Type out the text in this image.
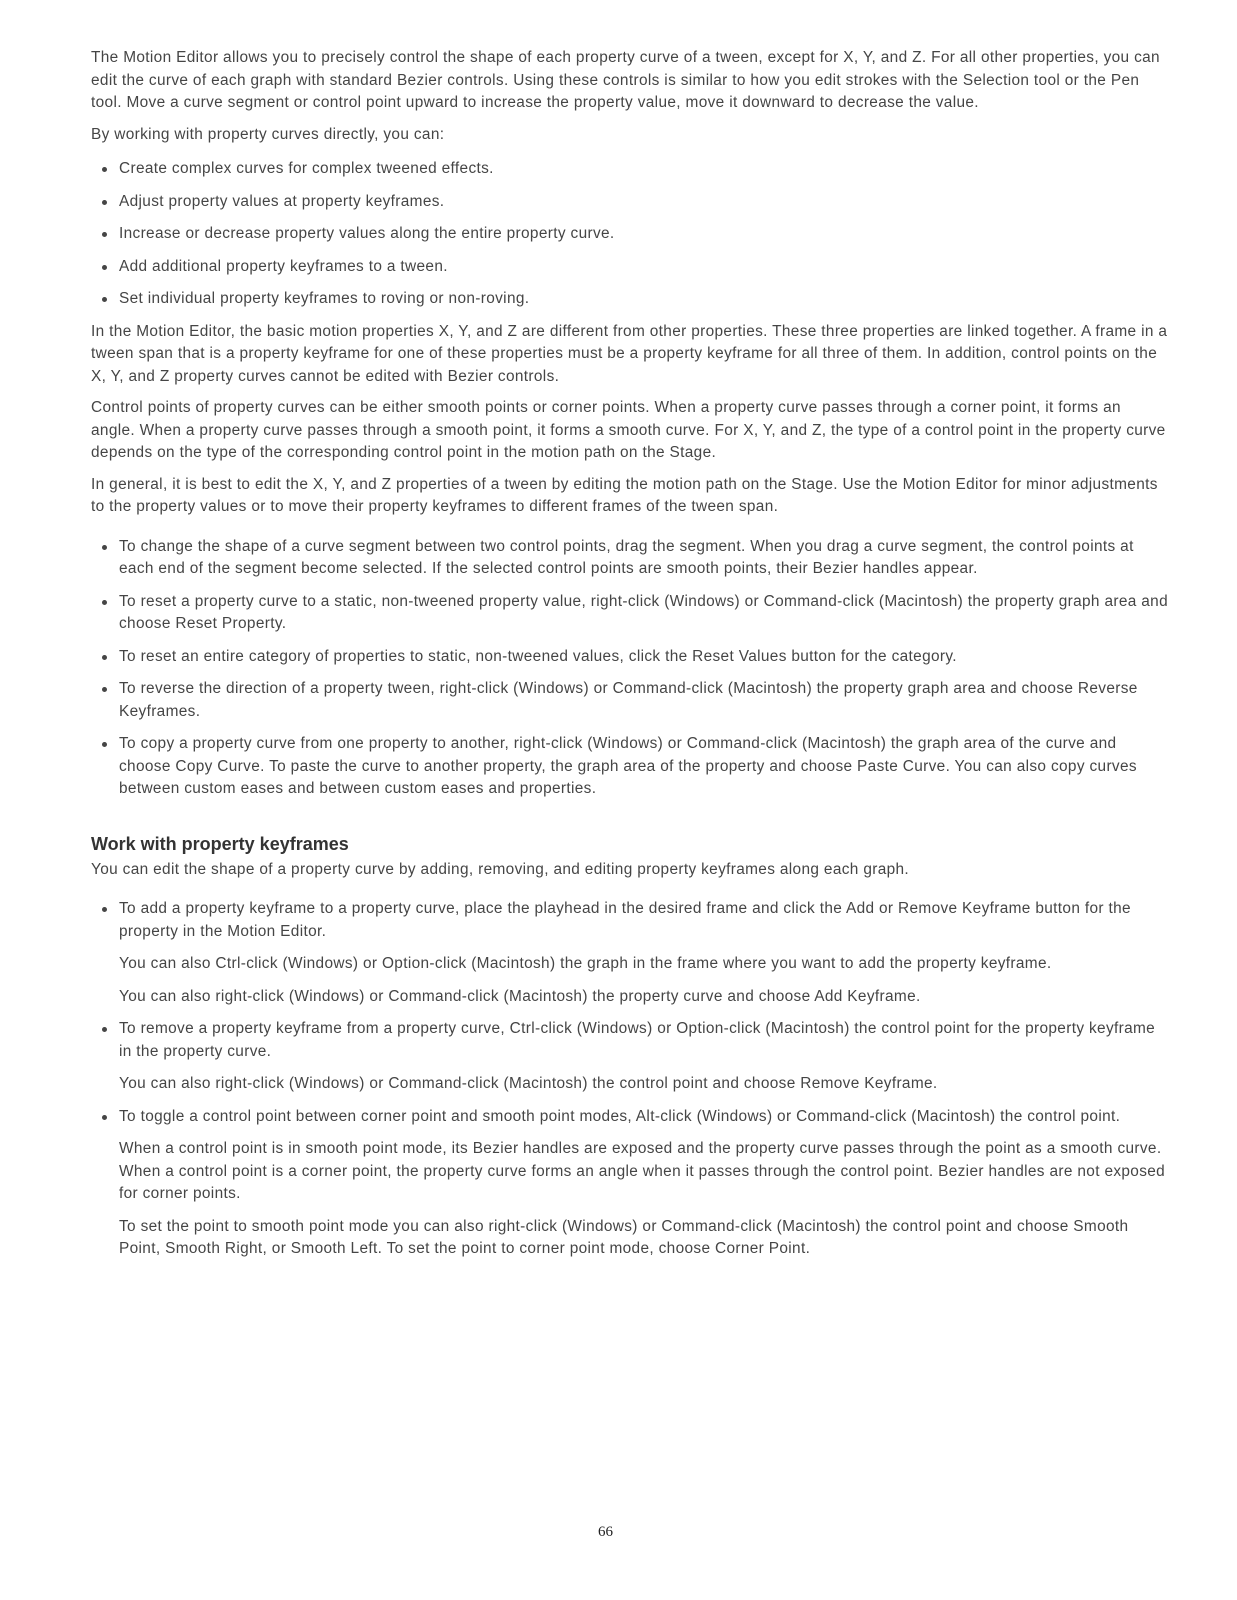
The Motion Editor allows you to precisely control the shape of each property curve of a tween, except for X, Y, and Z. For all other properties, you can edit the curve of each graph with standard Bezier controls. Using these controls is similar to how you edit strokes with the Selection tool or the Pen tool. Move a curve segment or control point upward to increase the property value, move it downward to decrease the value.

By working with property curves directly, you can:

Create complex curves for complex tweened effects.
Adjust property values at property keyframes.
Increase or decrease property values along the entire property curve.
Add additional property keyframes to a tween.
Set individual property keyframes to roving or non-roving.

In the Motion Editor, the basic motion properties X, Y, and Z are different from other properties. These three properties are linked together. A frame in a tween span that is a property keyframe for one of these properties must be a property keyframe for all three of them. In addition, control points on the X, Y, and Z property curves cannot be edited with Bezier controls.

Control points of property curves can be either smooth points or corner points. When a property curve passes through a corner point, it forms an angle. When a property curve passes through a smooth point, it forms a smooth curve. For X, Y, and Z, the type of a control point in the property curve depends on the type of the corresponding control point in the motion path on the Stage.

In general, it is best to edit the X, Y, and Z properties of a tween by editing the motion path on the Stage. Use the Motion Editor for minor adjustments to the property values or to move their property keyframes to different frames of the tween span.

To change the shape of a curve segment between two control points, drag the segment. When you drag a curve segment, the control points at each end of the segment become selected. If the selected control points are smooth points, their Bezier handles appear.
To reset a property curve to a static, non-tweened property value, right-click (Windows) or Command-click (Macintosh) the property graph area and choose Reset Property.
To reset an entire category of properties to static, non-tweened values, click the Reset Values button for the category.
To reverse the direction of a property tween, right-click (Windows) or Command-click (Macintosh) the property graph area and choose Reverse Keyframes.
To copy a property curve from one property to another, right-click (Windows) or Command-click (Macintosh) the graph area of the curve and choose Copy Curve. To paste the curve to another property, the graph area of the property and choose Paste Curve. You can also copy curves between custom eases and between custom eases and properties.
Work with property keyframes

You can edit the shape of a property curve by adding, removing, and editing property keyframes along each graph.

To add a property keyframe to a property curve, place the playhead in the desired frame and click the Add or Remove Keyframe button for the property in the Motion Editor.
You can also Ctrl-click (Windows) or Option-click (Macintosh) the graph in the frame where you want to add the property keyframe.
You can also right-click (Windows) or Command-click (Macintosh) the property curve and choose Add Keyframe.
To remove a property keyframe from a property curve, Ctrl-click (Windows) or Option-click (Macintosh) the control point for the property keyframe in the property curve.
You can also right-click (Windows) or Command-click (Macintosh) the control point and choose Remove Keyframe.
To toggle a control point between corner point and smooth point modes, Alt-click (Windows) or Command-click (Macintosh) the control point.
When a control point is in smooth point mode, its Bezier handles are exposed and the property curve passes through the point as a smooth curve. When a control point is a corner point, the property curve forms an angle when it passes through the control point. Bezier handles are not exposed for corner points.
To set the point to smooth point mode you can also right-click (Windows) or Command-click (Macintosh) the control point and choose Smooth Point, Smooth Right, or Smooth Left. To set the point to corner point mode, choose Corner Point.
66
